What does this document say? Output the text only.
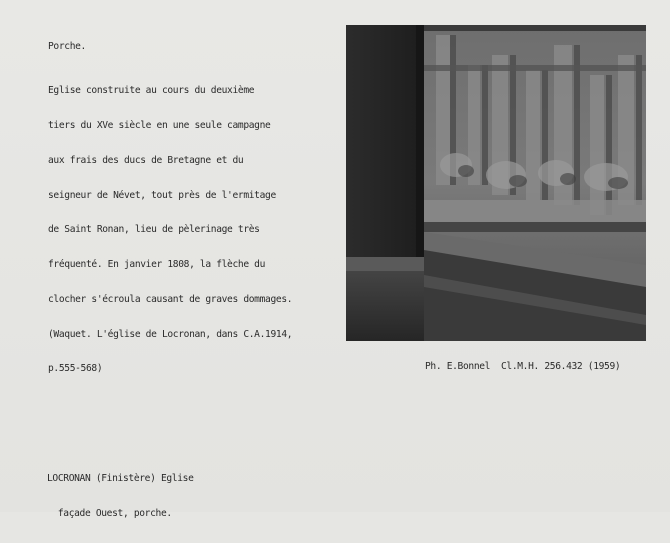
Porche.

Eglise construite au cours du deuxième

tiers du XVe siècle en une seule campagne

aux frais des ducs de Bretagne et du

seigneur de Névet, tout près de l'ermitage

de Saint Ronan, lieu de pèlerinage très

fréquenté. En janvier 1808, la flèche du

clocher s'écroula causant de graves dommages.

(Waquet. L'église de Locronan, dans C.A.1914,

p.555-568)

	Ph. E.Bonnel  Cl.M.H. 256.432 (1959)

LOCRONAN (Finistère) Eglise

façade Ouest, porche.
